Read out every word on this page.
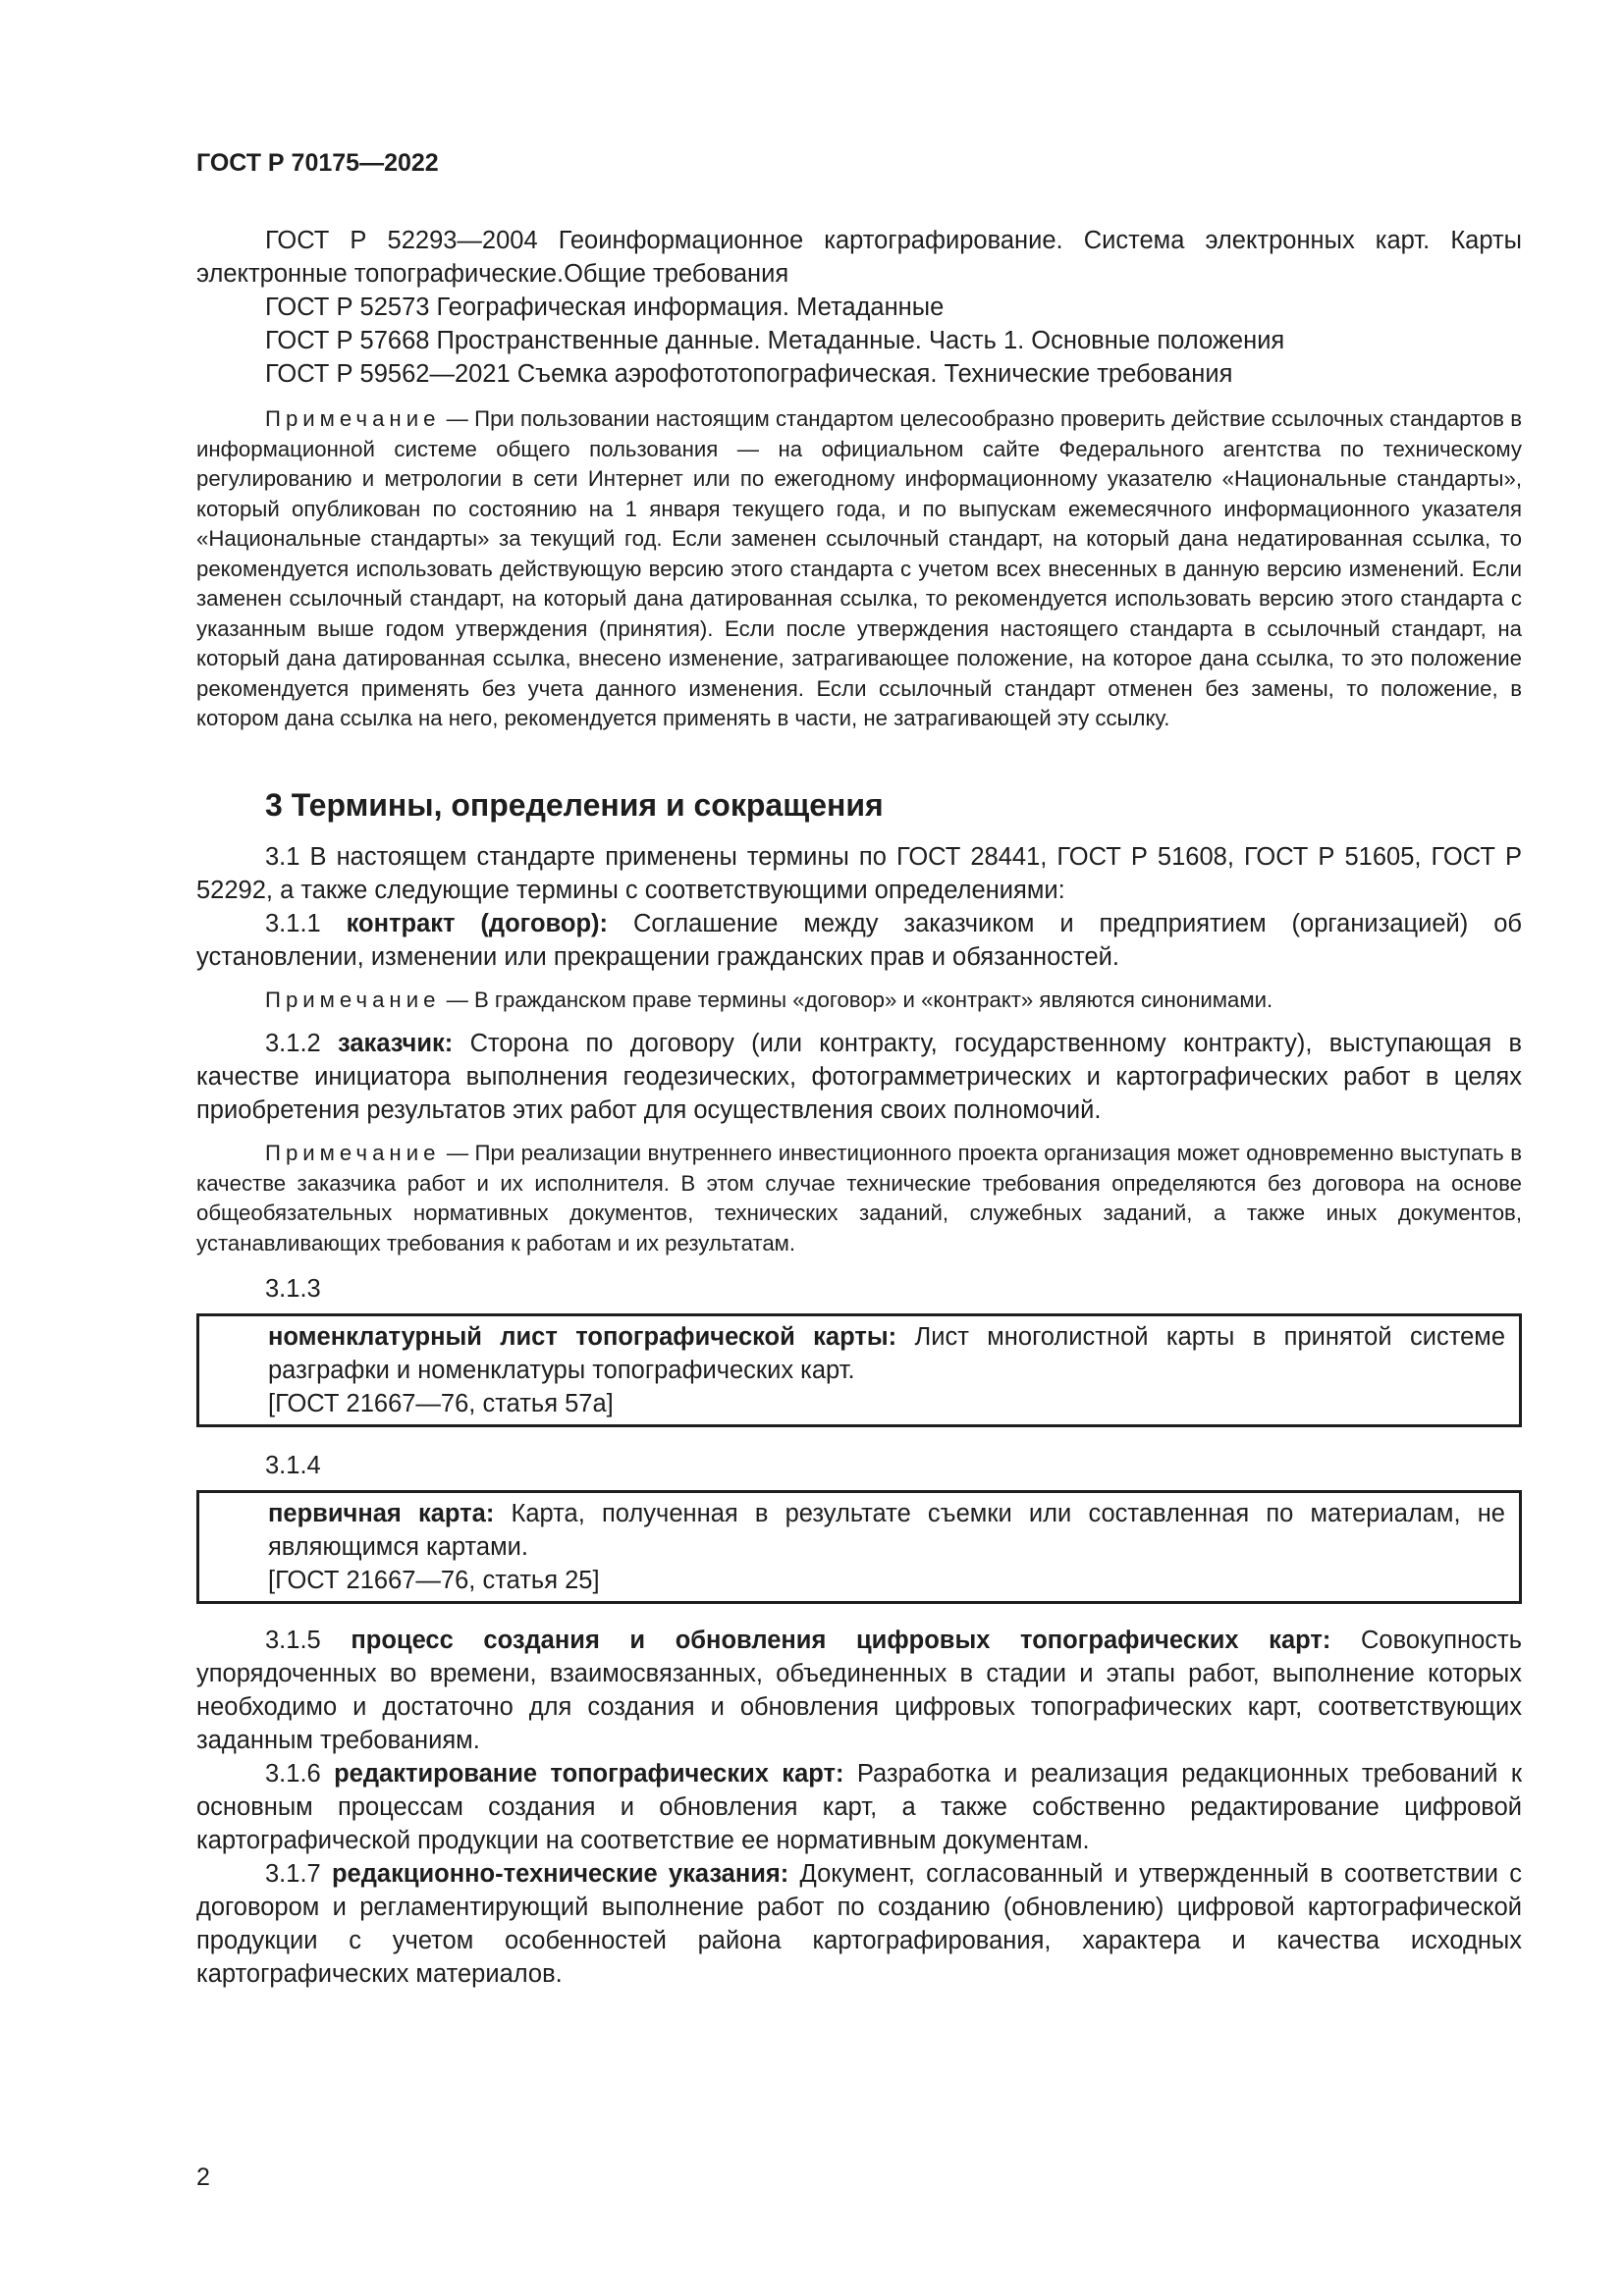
ГОСТ Р 70175—2022

ГОСТ Р 52293—2004 Геоинформационное картографирование. Система электронных карт. Карты электронные топографические.Общие требования

ГОСТ Р 52573 Географическая информация. Метаданные

ГОСТ Р 57668 Пространственные данные. Метаданные. Часть 1. Основные положения

ГОСТ Р 59562—2021 Съемка аэрофототопографическая. Технические требования

Примечание — При пользовании настоящим стандартом целесообразно проверить действие ссылочных стандартов в информационной системе общего пользования — на официальном сайте Федерального агентства по техническому регулированию и метрологии в сети Интернет или по ежегодному информационному указателю «Национальные стандарты», который опубликован по состоянию на 1 января текущего года, и по выпускам ежемесячного информационного указателя «Национальные стандарты» за текущий год. Если заменен ссылочный стандарт, на который дана недатированная ссылка, то рекомендуется использовать действующую версию этого стандарта с учетом всех внесенных в данную версию изменений. Если заменен ссылочный стандарт, на который дана датированная ссылка, то рекомендуется использовать версию этого стандарта с указанным выше годом утверждения (принятия). Если после утверждения настоящего стандарта в ссылочный стандарт, на который дана датированная ссылка, внесено изменение, затрагивающее положение, на которое дана ссылка, то это положение рекомендуется применять без учета данного изменения. Если ссылочный стандарт отменен без замены, то положение, в котором дана ссылка на него, рекомендуется применять в части, не затрагивающей эту ссылку.

3 Термины, определения и сокращения

3.1 В настоящем стандарте применены термины по ГОСТ 28441, ГОСТ Р 51608, ГОСТ Р 51605, ГОСТ Р 52292, а также следующие термины с соответствующими определениями:

3.1.1 контракт (договор): Соглашение между заказчиком и предприятием (организацией) об установлении, изменении или прекращении гражданских прав и обязанностей.

Примечание — В гражданском праве термины «договор» и «контракт» являются синонимами.

3.1.2 заказчик: Сторона по договору (или контракту, государственному контракту), выступающая в качестве инициатора выполнения геодезических, фотограмметрических и картографических работ в целях приобретения результатов этих работ для осуществления своих полномочий.

Примечание — При реализации внутреннего инвестиционного проекта организация может одновременно выступать в качестве заказчика работ и их исполнителя. В этом случае технические требования определяются без договора на основе общеобязательных нормативных документов, технических заданий, служебных заданий, а также иных документов, устанавливающих требования к работам и их результатам.

3.1.3

номенклатурный лист топографической карты: Лист многолистной карты в принятой системе разграфки и номенклатуры топографических карт.

[ГОСТ 21667—76, статья 57а]

3.1.4

первичная карта: Карта, полученная в результате съемки или составленная по материалам, не являющимся картами.

[ГОСТ 21667—76, статья 25]

3.1.5 процесс создания и обновления цифровых топографических карт: Совокупность упорядоченных во времени, взаимосвязанных, объединенных в стадии и этапы работ, выполнение которых необходимо и достаточно для создания и обновления цифровых топографических карт, соответствующих заданным требованиям.

3.1.6 редактирование топографических карт: Разработка и реализация редакционных требований к основным процессам создания и обновления карт, а также собственно редактирование цифровой картографической продукции на соответствие ее нормативным документам.

3.1.7 редакционно-технические указания: Документ, согласованный и утвержденный в соответствии с договором и регламентирующий выполнение работ по созданию (обновлению) цифровой картографической продукции с учетом особенностей района картографирования, характера и качества исходных картографических материалов.

2
